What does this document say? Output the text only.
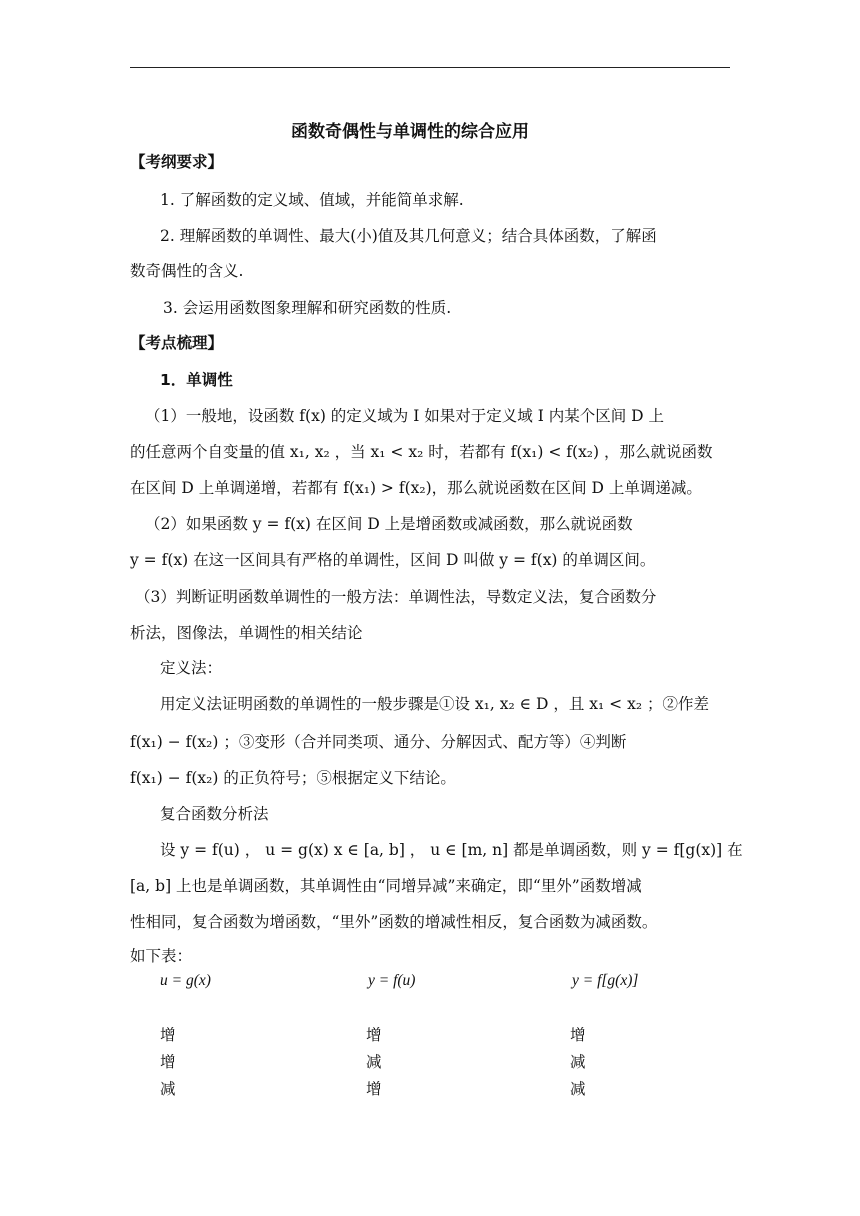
函数奇偶性与单调性的综合应用
【考纲要求】
1. 了解函数的定义域、值域，并能简单求解.
2. 理解函数的单调性、最大(小)值及其几何意义；结合具体函数，了解函
数奇偶性的含义.
3. 会运用函数图象理解和研究函数的性质.
【考点梳理】
1．单调性
（1）一般地，设函数 f(x) 的定义域为 I 如果对于定义域 I 内某个区间 D 上
的任意两个自变量的值 x₁, x₂ ，当 x₁ < x₂ 时，若都有 f(x₁) < f(x₂) ，那么就说函数
在区间 D 上单调递增，若都有 f(x₁) > f(x₂)，那么就说函数在区间 D 上单调递减。
（2）如果函数 y = f(x) 在区间 D 上是增函数或减函数，那么就说函数
y = f(x) 在这一区间具有严格的单调性，区间 D 叫做 y = f(x) 的单调区间。
（3）判断证明函数单调性的一般方法：单调性法，导数定义法，复合函数分
析法，图像法，单调性的相关结论
定义法：
用定义法证明函数的单调性的一般步骤是①设 x₁, x₂ ∈ D ，且 x₁ < x₂ ；②作差
f(x₁) − f(x₂) ；③变形（合并同类项、通分、分解因式、配方等）④判断
f(x₁) − f(x₂) 的正负符号；⑤根据定义下结论。
复合函数分析法
设 y = f(u) ， u = g(x) x ∈ [a, b] ， u ∈ [m, n] 都是单调函数，则 y = f[g(x)] 在
[a, b] 上也是单调函数，其单调性由“同增异减”来确定，即“里外”函数增减
性相同，复合函数为增函数，“里外”函数的增减性相反，复合函数为减函数。
如下表：
u = g(x)	y = f(u)	y = f[g(x)]
增	增	增
增	减	减
减	增	减
